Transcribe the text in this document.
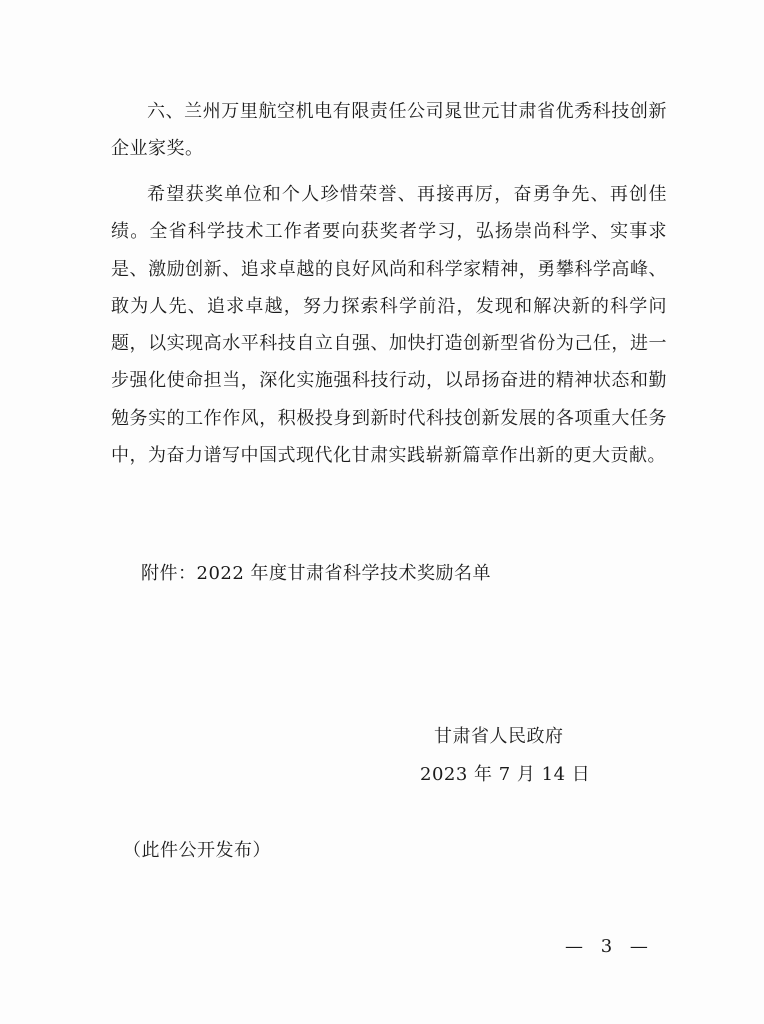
六、兰州万里航空机电有限责任公司晁世元甘肃省优秀科技创新企业家奖。

希望获奖单位和个人珍惜荣誉、再接再厉，奋勇争先、再创佳绩。全省科学技术工作者要向获奖者学习，弘扬崇尚科学、实事求是、激励创新、追求卓越的良好风尚和科学家精神，勇攀科学高峰、敢为人先、追求卓越，努力探索科学前沿，发现和解决新的科学问题，以实现高水平科技自立自强、加快打造创新型省份为己任，进一步强化使命担当，深化实施强科技行动，以昂扬奋进的精神状态和勤勉务实的工作作风，积极投身到新时代科技创新发展的各项重大任务中，为奋力谱写中国式现代化甘肃实践崭新篇章作出新的更大贡献。

附件：2022 年度甘肃省科学技术奖励名单

甘肃省人民政府
2023 年 7 月 14 日

（此件公开发布）

— 3 —
